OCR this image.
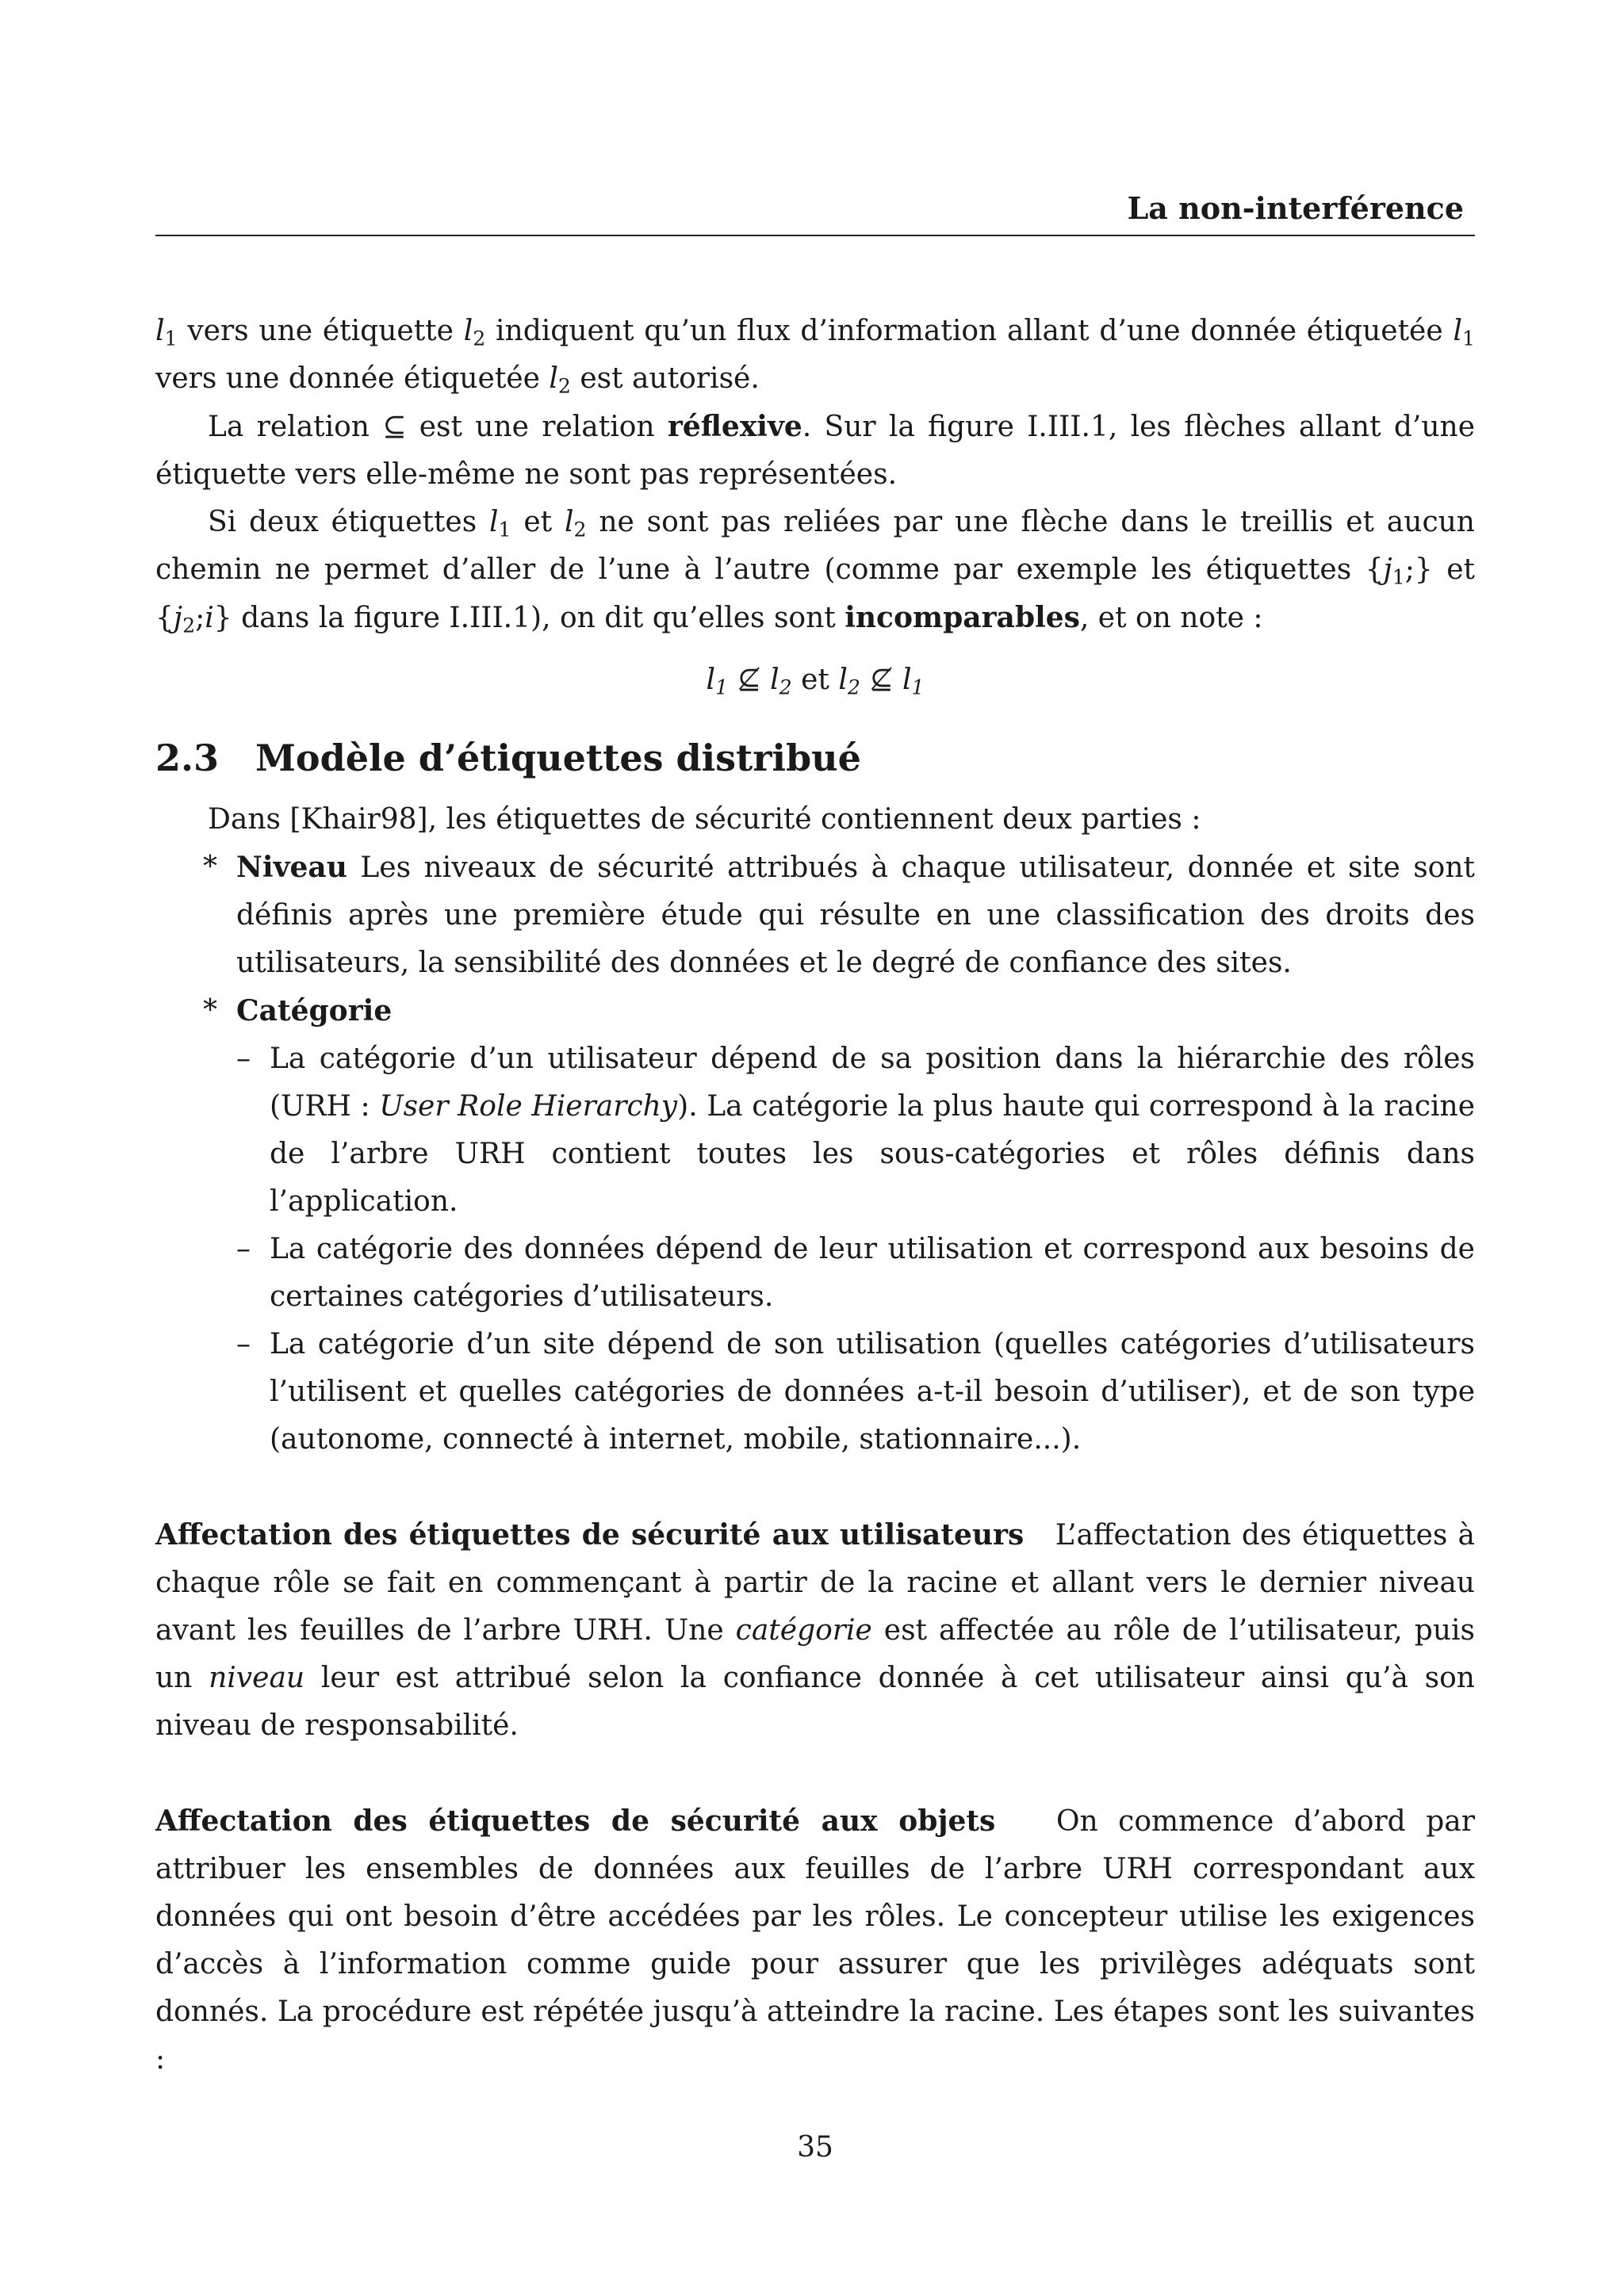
La non-interférence

$l_1$ vers une étiquette $l_2$ indiquent qu’un flux d’information allant d’une donnée étiquetée $l_1$ vers une donnée étiquetée $l_2$ est autorisé.

La relation ⊆ est une relation réflexive. Sur la figure I.III.1, les flèches allant d’une étiquette vers elle-même ne sont pas représentées.

Si deux étiquettes $l_1$ et $l_2$ ne sont pas reliées par une flèche dans le treillis et aucun chemin ne permet d’aller de l’une à l’autre (comme par exemple les étiquettes $\{j_1;\}$ et $\{j_2;i\}$ dans la figure I.III.1), on dit qu’elles sont incomparables, et on note :

$l_1$ ⊈ $l_2$ et $l_2$ ⊈ $l_1$

2.3 Modèle d’étiquettes distribué

Dans [Khair98], les étiquettes de sécurité contiennent deux parties :

* Niveau Les niveaux de sécurité attribués à chaque utilisateur, donnée et site sont définis après une première étude qui résulte en une classification des droits des utilisateurs, la sensibilité des données et le degré de confiance des sites.
* Catégorie
– La catégorie d’un utilisateur dépend de sa position dans la hiérarchie des rôles (URH : User Role Hierarchy). La catégorie la plus haute qui correspond à la racine de l’arbre URH contient toutes les sous-catégories et rôles définis dans l’application.
– La catégorie des données dépend de leur utilisation et correspond aux besoins de certaines catégories d’utilisateurs.
– La catégorie d’un site dépend de son utilisation (quelles catégories d’utilisateurs l’utilisent et quelles catégories de données a-t-il besoin d’utiliser), et de son type (autonome, connecté à internet, mobile, stationnaire...).

Affectation des étiquettes de sécurité aux utilisateurs L’affectation des étiquettes à chaque rôle se fait en commençant à partir de la racine et allant vers le dernier niveau avant les feuilles de l’arbre URH. Une catégorie est affectée au rôle de l’utilisateur, puis un niveau leur est attribué selon la confiance donnée à cet utilisateur ainsi qu’à son niveau de responsabilité.

Affectation des étiquettes de sécurité aux objets On commence d’abord par attribuer les ensembles de données aux feuilles de l’arbre URH correspondant aux données qui ont besoin d’être accédées par les rôles. Le concepteur utilise les exigences d’accès à l’information comme guide pour assurer que les privilèges adéquats sont donnés. La procédure est répétée jusqu’à atteindre la racine. Les étapes sont les suivantes :

35
